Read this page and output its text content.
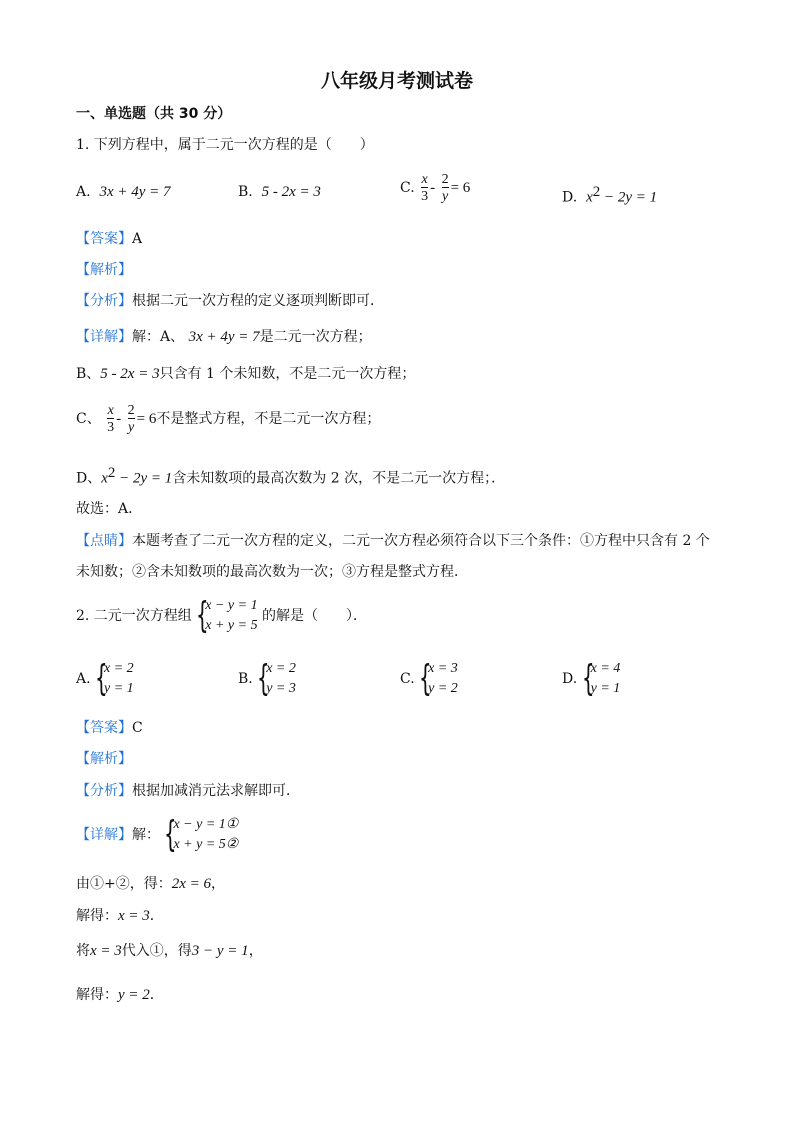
八年级月考测试卷
一、单选题（共 30 分）
1. 下列方程中，属于二元一次方程的是（　　）
A. 3x + 4y = 7	B. 5 - 2x = 3	C. $\frac{x}{3} - \frac{2}{y} = 6$
D. $x^2 - 2y = 1$
【答案】A
【解析】
【分析】根据二元一次方程的定义逐项判断即可．
【详解】解：A、 3x + 4y = 7是二元一次方程；
B、5 - 2x = 3只含有 1 个未知数，不是二元一次方程；
C、 $\frac{x}{3} - \frac{2}{y} = 6$不是整式方程，不是二元一次方程；
D、$x^2 - 2y = 1$含未知数项的最高次数为 2 次，不是二元一次方程；．
故选：A．
【点睛】本题考查了二元一次方程的定义，二元一次方程必须符合以下三个条件：①方程中只含有 2 个
未知数；②含未知数项的最高次数为一次；③方程是整式方程．
2. 二元一次方程组 {
x − y = 1
x + y = 5
的解是（　　）．
A. {
x = 2
y = 1
B. {
x = 2
y = 3
C. {
x = 3
y = 2
D. {
x = 4
y = 1
【答案】C
【解析】
【分析】根据加减消元法求解即可．
【详解】解： {
x − y = 1①
x + y = 5②
由①+②，得：2x = 6，
解得：x = 3．
将x = 3代入①，得3 − y = 1，
解得：y = 2．
